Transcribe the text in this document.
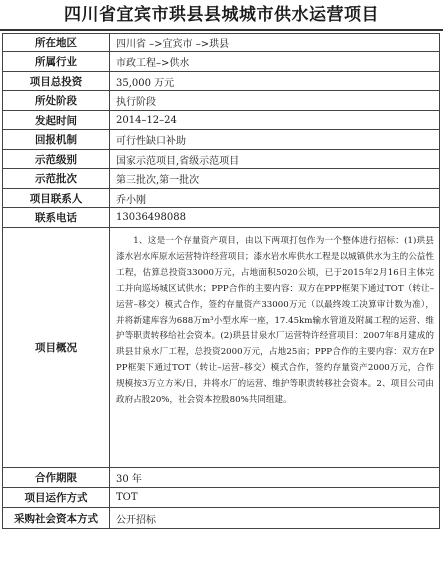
四川省宜宾市珙县县城城市供水运营项目
所在地区	四川省 –>宜宾市 –>珙县
所属行业	市政工程–>供水
项目总投资	35,000 万元
所处阶段	执行阶段
发起时间	2014–12–24
回报机制	可行性缺口补助
示范级别	国家示范项目,省级示范项目
示范批次	第三批次,第一批次
项目联系人	乔小刚
联系电话	13036498088
项目概况	1、这是一个存量资产项目，由以下两项打包作为一个整体进行招标：(1)珙县漆水岩水库原水运营特许经营项目；漆水岩水库供水工程是以城镇供水为主的公益性工程，估算总投资33000万元，占地面积5020公顷，已于2015年2月16日主体完工并向巡场城区试供水；PPP合作的主要内容：双方在PPP框架下通过TOT（转让–运营–移交）模式合作，签约存量资产33000万元（以最终竣工决算审计数为准），并将新建库容为688万m³小型水库一座，17.45km输水管道及附属工程的运营、维护等职责转移给社会资本。(2)珙县甘泉水厂运营特许经营项目：2007年8月建成的珙县甘泉水厂工程，总投资2000万元，占地25亩；PPP合作的主要内容：双方在PPP框架下通过TOT（转让–运营–移交）模式合作，签约存量资产2000万元，合作规模按3万立方米/日，并将水厂的运营、维护等职责转移社会资本。2、项目公司由政府占股20%，社会资本控股80%共同组建。

合作期限	30 年
项目运作方式	TOT
采购社会资本方式	公开招标
